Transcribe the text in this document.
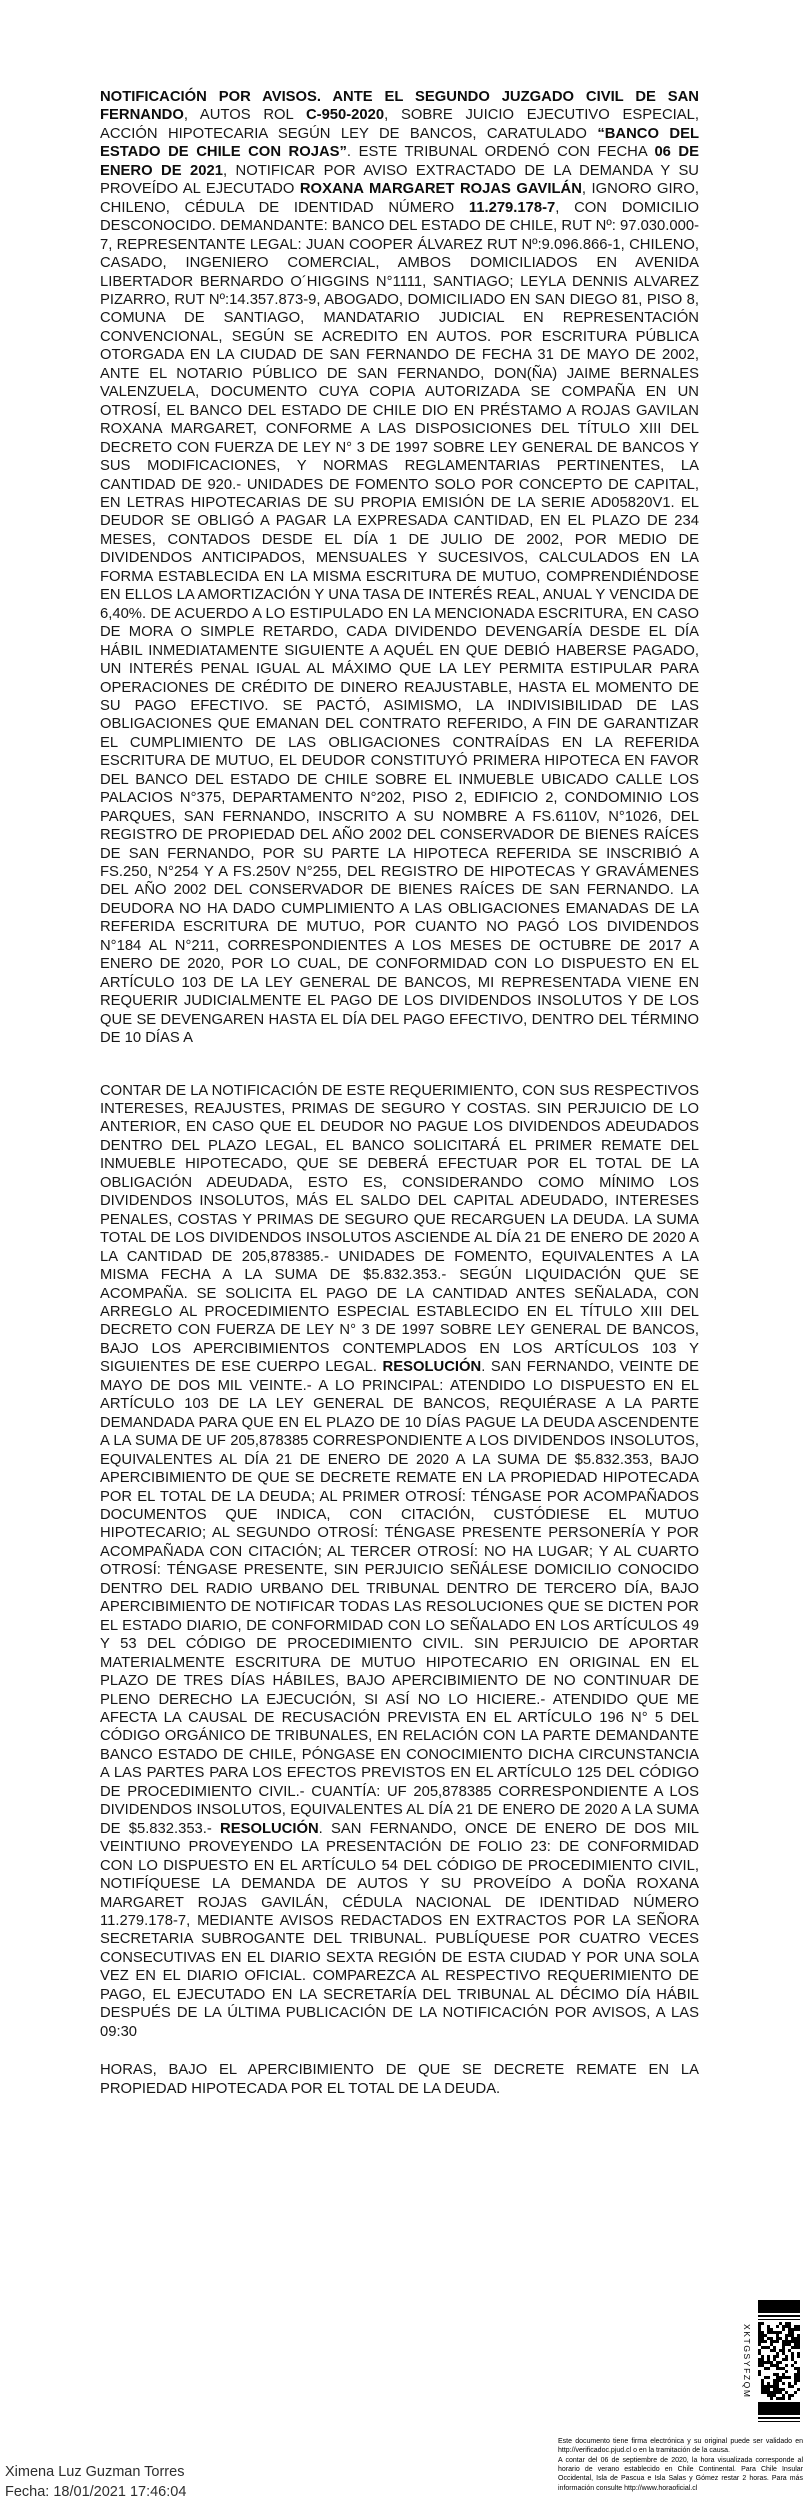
NOTIFICACIÓN POR AVISOS. ANTE EL SEGUNDO JUZGADO CIVIL DE SAN FERNANDO, AUTOS ROL C-950-2020, SOBRE JUICIO EJECUTIVO ESPECIAL, ACCIÓN HIPOTECARIA SEGÚN LEY DE BANCOS, CARATULADO “BANCO DEL ESTADO DE CHILE CON ROJAS”. ESTE TRIBUNAL ORDENÓ CON FECHA 06 DE ENERO DE 2021, NOTIFICAR POR AVISO EXTRACTADO DE LA DEMANDA Y SU PROVEÍDO AL EJECUTADO ROXANA MARGARET ROJAS GAVILÁN, IGNORO GIRO, CHILENO, CÉDULA DE IDENTIDAD NÚMERO 11.279.178-7, CON DOMICILIO DESCONOCIDO. DEMANDANTE: BANCO DEL ESTADO DE CHILE, RUT Nº: 97.030.000-7, REPRESENTANTE LEGAL: JUAN COOPER ÁLVAREZ RUT Nº:9.096.866-1, CHILENO, CASADO, INGENIERO COMERCIAL, AMBOS DOMICILIADOS EN AVENIDA LIBERTADOR BERNARDO O´HIGGINS N°1111, SANTIAGO; LEYLA DENNIS ALVAREZ PIZARRO, RUT Nº:14.357.873-9, ABOGADO, DOMICILIADO EN SAN DIEGO 81, PISO 8, COMUNA DE SANTIAGO, MANDATARIO JUDICIAL EN REPRESENTACIÓN CONVENCIONAL, SEGÚN SE ACREDITO EN AUTOS. POR ESCRITURA PÚBLICA OTORGADA EN LA CIUDAD DE SAN FERNANDO DE FECHA 31 DE MAYO DE 2002, ANTE EL NOTARIO PÚBLICO DE SAN FERNANDO, DON(ÑA) JAIME BERNALES VALENZUELA, DOCUMENTO CUYA COPIA AUTORIZADA SE COMPAÑA EN UN OTROSÍ, EL BANCO DEL ESTADO DE CHILE DIO EN PRÉSTAMO A ROJAS GAVILAN ROXANA MARGARET, CONFORME A LAS DISPOSICIONES DEL TÍTULO XIII DEL DECRETO CON FUERZA DE LEY N° 3 DE 1997 SOBRE LEY GENERAL DE BANCOS Y SUS MODIFICACIONES, Y NORMAS REGLAMENTARIAS PERTINENTES, LA CANTIDAD DE 920.- UNIDADES DE FOMENTO SOLO POR CONCEPTO DE CAPITAL, EN LETRAS HIPOTECARIAS DE SU PROPIA EMISIÓN DE LA SERIE AD05820V1. EL DEUDOR SE OBLIGÓ A PAGAR LA EXPRESADA CANTIDAD, EN EL PLAZO DE 234 MESES, CONTADOS DESDE EL DÍA 1 DE JULIO DE 2002, POR MEDIO DE DIVIDENDOS ANTICIPADOS, MENSUALES Y SUCESIVOS, CALCULADOS EN LA FORMA ESTABLECIDA EN LA MISMA ESCRITURA DE MUTUO, COMPRENDIÉNDOSE EN ELLOS LA AMORTIZACIÓN Y UNA TASA DE INTERÉS REAL, ANUAL Y VENCIDA DE 6,40%. DE ACUERDO A LO ESTIPULADO EN LA MENCIONADA ESCRITURA, EN CASO DE MORA O SIMPLE RETARDO, CADA DIVIDENDO DEVENGARÍA DESDE EL DÍA HÁBIL INMEDIATAMENTE SIGUIENTE A AQUÉL EN QUE DEBIÓ HABERSE PAGADO, UN INTERÉS PENAL IGUAL AL MÁXIMO QUE LA LEY PERMITA ESTIPULAR PARA OPERACIONES DE CRÉDITO DE DINERO REAJUSTABLE, HASTA EL MOMENTO DE SU PAGO EFECTIVO. SE PACTÓ, ASIMISMO, LA INDIVISIBILIDAD DE LAS OBLIGACIONES QUE EMANAN DEL CONTRATO REFERIDO, A FIN DE GARANTIZAR EL CUMPLIMIENTO DE LAS OBLIGACIONES CONTRAÍDAS EN LA REFERIDA ESCRITURA DE MUTUO, EL DEUDOR CONSTITUYÓ PRIMERA HIPOTECA EN FAVOR DEL BANCO DEL ESTADO DE CHILE SOBRE EL INMUEBLE UBICADO CALLE LOS PALACIOS N°375, DEPARTAMENTO N°202, PISO 2, EDIFICIO 2, CONDOMINIO LOS PARQUES, SAN FERNANDO, INSCRITO A SU NOMBRE A FS.6110V, N°1026, DEL REGISTRO DE PROPIEDAD DEL AÑO 2002 DEL CONSERVADOR DE BIENES RAÍCES DE SAN FERNANDO, POR SU PARTE LA HIPOTECA REFERIDA SE INSCRIBIÓ A FS.250, N°254 Y A FS.250V N°255, DEL REGISTRO DE HIPOTECAS Y GRAVÁMENES DEL AÑO 2002 DEL CONSERVADOR DE BIENES RAÍCES DE SAN FERNANDO. LA DEUDORA NO HA DADO CUMPLIMIENTO A LAS OBLIGACIONES EMANADAS DE LA REFERIDA ESCRITURA DE MUTUO, POR CUANTO NO PAGÓ LOS DIVIDENDOS N°184 AL N°211, CORRESPONDIENTES A LOS MESES DE OCTUBRE DE 2017 A ENERO DE 2020, POR LO CUAL, DE CONFORMIDAD CON LO DISPUESTO EN EL ARTÍCULO 103 DE LA LEY GENERAL DE BANCOS, MI REPRESENTADA VIENE EN REQUERIR JUDICIALMENTE EL PAGO DE LOS DIVIDENDOS INSOLUTOS Y DE LOS QUE SE DEVENGAREN HASTA EL DÍA DEL PAGO EFECTIVO, DENTRO DEL TÉRMINO DE 10 DÍAS A

CONTAR DE LA NOTIFICACIÓN DE ESTE REQUERIMIENTO, CON SUS RESPECTIVOS INTERESES, REAJUSTES, PRIMAS DE SEGURO Y COSTAS. SIN PERJUICIO DE LO ANTERIOR, EN CASO QUE EL DEUDOR NO PAGUE LOS DIVIDENDOS ADEUDADOS DENTRO DEL PLAZO LEGAL, EL BANCO SOLICITARÁ EL PRIMER REMATE DEL INMUEBLE HIPOTECADO, QUE SE DEBERÁ EFECTUAR POR EL TOTAL DE LA OBLIGACIÓN ADEUDADA, ESTO ES, CONSIDERANDO COMO MÍNIMO LOS DIVIDENDOS INSOLUTOS, MÁS EL SALDO DEL CAPITAL ADEUDADO, INTERESES PENALES, COSTAS Y PRIMAS DE SEGURO QUE RECARGUEN LA DEUDA. LA SUMA TOTAL DE LOS DIVIDENDOS INSOLUTOS ASCIENDE AL DÍA 21 DE ENERO DE 2020 A LA CANTIDAD DE 205,878385.- UNIDADES DE FOMENTO, EQUIVALENTES A LA MISMA FECHA A LA SUMA DE $5.832.353.- SEGÚN LIQUIDACIÓN QUE SE ACOMPAÑA. SE SOLICITA EL PAGO DE LA CANTIDAD ANTES SEÑALADA, CON ARREGLO AL PROCEDIMIENTO ESPECIAL ESTABLECIDO EN EL TÍTULO XIII DEL DECRETO CON FUERZA DE LEY N° 3 DE 1997 SOBRE LEY GENERAL DE BANCOS, BAJO LOS APERCIBIMIENTOS CONTEMPLADOS EN LOS ARTÍCULOS 103 Y SIGUIENTES DE ESE CUERPO LEGAL. RESOLUCIÓN. SAN FERNANDO, VEINTE DE MAYO DE DOS MIL VEINTE.- A LO PRINCIPAL: ATENDIDO LO DISPUESTO EN EL ARTÍCULO 103 DE LA LEY GENERAL DE BANCOS, REQUIÉRASE A LA PARTE DEMANDADA PARA QUE EN EL PLAZO DE 10 DÍAS PAGUE LA DEUDA ASCENDENTE A LA SUMA DE UF 205,878385 CORRESPONDIENTE A LOS DIVIDENDOS INSOLUTOS, EQUIVALENTES AL DÍA 21 DE ENERO DE 2020 A LA SUMA DE $5.832.353, BAJO APERCIBIMIENTO DE QUE SE DECRETE REMATE EN LA PROPIEDAD HIPOTECADA POR EL TOTAL DE LA DEUDA; AL PRIMER OTROSÍ: TÉNGASE POR ACOMPAÑADOS DOCUMENTOS QUE INDICA, CON CITACIÓN, CUSTÓDIESE EL MUTUO HIPOTECARIO; AL SEGUNDO OTROSÍ: TÉNGASE PRESENTE PERSONERÍA Y POR ACOMPAÑADA CON CITACIÓN; AL TERCER OTROSÍ: NO HA LUGAR; Y AL CUARTO OTROSÍ: TÉNGASE PRESENTE, SIN PERJUICIO SEÑÁLESE DOMICILIO CONOCIDO DENTRO DEL RADIO URBANO DEL TRIBUNAL DENTRO DE TERCERO DÍA, BAJO APERCIBIMIENTO DE NOTIFICAR TODAS LAS RESOLUCIONES QUE SE DICTEN POR EL ESTADO DIARIO, DE CONFORMIDAD CON LO SEÑALADO EN LOS ARTÍCULOS 49 Y 53 DEL CÓDIGO DE PROCEDIMIENTO CIVIL. SIN PERJUICIO DE APORTAR MATERIALMENTE ESCRITURA DE MUTUO HIPOTECARIO EN ORIGINAL EN EL PLAZO DE TRES DÍAS HÁBILES, BAJO APERCIBIMIENTO DE NO CONTINUAR DE PLENO DERECHO LA EJECUCIÓN, SI ASÍ NO LO HICIERE.- ATENDIDO QUE ME AFECTA LA CAUSAL DE RECUSACIÓN PREVISTA EN EL ARTÍCULO 196 N° 5 DEL CÓDIGO ORGÁNICO DE TRIBUNALES, EN RELACIÓN CON LA PARTE DEMANDANTE BANCO ESTADO DE CHILE, PÓNGASE EN CONOCIMIENTO DICHA CIRCUNSTANCIA A LAS PARTES PARA LOS EFECTOS PREVISTOS EN EL ARTÍCULO 125 DEL CÓDIGO DE PROCEDIMIENTO CIVIL.- CUANTÍA: UF 205,878385 CORRESPONDIENTE A LOS DIVIDENDOS INSOLUTOS, EQUIVALENTES AL DÍA 21 DE ENERO DE 2020 A LA SUMA DE $5.832.353.- RESOLUCIÓN. SAN FERNANDO, ONCE DE ENERO DE DOS MIL VEINTIUNO PROVEYENDO LA PRESENTACIÓN DE FOLIO 23: DE CONFORMIDAD CON LO DISPUESTO EN EL ARTÍCULO 54 DEL CÓDIGO DE PROCEDIMIENTO CIVIL, NOTIFÍQUESE LA DEMANDA DE AUTOS Y SU PROVEÍDO A DOÑA ROXANA MARGARET ROJAS GAVILÁN, CÉDULA NACIONAL DE IDENTIDAD NÚMERO 11.279.178-7, MEDIANTE AVISOS REDACTADOS EN EXTRACTOS POR LA SEÑORA SECRETARIA SUBROGANTE DEL TRIBUNAL. PUBLÍQUESE POR CUATRO VECES CONSECUTIVAS EN EL DIARIO SEXTA REGIÓN DE ESTA CIUDAD Y POR UNA SOLA VEZ EN EL DIARIO OFICIAL. COMPAREZCA AL RESPECTIVO REQUERIMIENTO DE PAGO, EL EJECUTADO EN LA SECRETARÍA DEL TRIBUNAL AL DÉCIMO DÍA HÁBIL DESPUÉS DE LA ÚLTIMA PUBLICACIÓN DE LA NOTIFICACIÓN POR AVISOS, A LAS 09:30

HORAS, BAJO EL APERCIBIMIENTO DE QUE SE DECRETE REMATE EN LA PROPIEDAD HIPOTECADA POR EL TOTAL DE LA DEUDA.

Ximena Luz Guzman Torres
Fecha: 18/01/2021 17:46:04
XKTGSYFZQM

Este documento tiene firma electrónica y su original puede ser validado en http://verificadoc.pjud.cl o en la tramitación de la causa.

A contar del 06 de septiembre de 2020, la hora visualizada corresponde al horario de verano establecido en Chile Continental. Para Chile Insular Occidental, Isla de Pascua e Isla Salas y Gómez restar 2 horas. Para más información consulte http://www.horaoficial.cl
